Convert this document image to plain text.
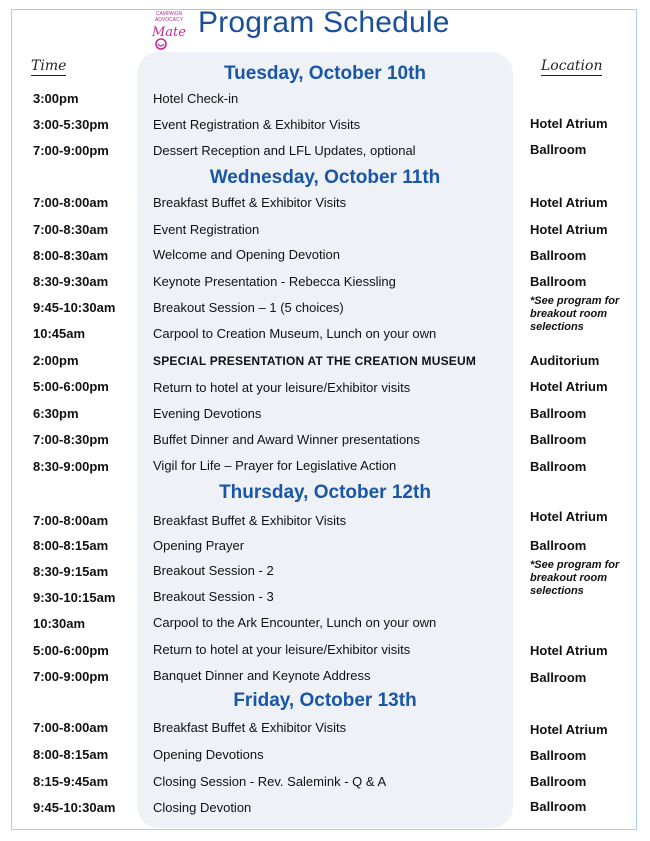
CAMPAIGN
ADVOCACY
Mate Program Schedule
Time	Location
Tuesday, October 10th
Wednesday, October 11th
Thursday, October 12th
Friday, October 13th
3:00pm	Hotel Check-in
3:00-5:30pm	Event Registration & Exhibitor Visits	Hotel Atrium
7:00-9:00pm	Dessert Reception and LFL Updates, optional	Ballroom
7:00-8:00am	Breakfast Buffet & Exhibitor Visits	Hotel Atrium
7:00-8:30am	Event Registration	Hotel Atrium
8:00-8:30am	Welcome and Opening Devotion	Ballroom
8:30-9:30am	Keynote Presentation - Rebecca Kiessling	Ballroom
9:45-10:30am	Breakout Session – 1 (5 choices)	*See program for breakout room selections
10:45am	Carpool to Creation Museum, Lunch on your own
2:00pm	SPECIAL PRESENTATION AT THE CREATION MUSEUM	Auditorium
5:00-6:00pm	Return to hotel at your leisure/Exhibitor visits	Hotel Atrium
6:30pm	Evening Devotions	Ballroom
7:00-8:30pm	Buffet Dinner and Award Winner presentations	Ballroom
8:30-9:00pm	Vigil for Life – Prayer for Legislative Action	Ballroom
7:00-8:00am	Breakfast Buffet & Exhibitor Visits	Hotel Atrium
8:00-8:15am	Opening Prayer	Ballroom
8:30-9:15am	Breakout Session - 2	*See program for breakout room selections
9:30-10:15am	Breakout Session - 3
10:30am	Carpool to the Ark Encounter, Lunch on your own
5:00-6:00pm	Return to hotel at your leisure/Exhibitor visits	Hotel Atrium
7:00-9:00pm	Banquet Dinner and Keynote Address	Ballroom
7:00-8:00am	Breakfast Buffet & Exhibitor Visits	Hotel Atrium
8:00-8:15am	Opening Devotions	Ballroom
8:15-9:45am	Closing Session - Rev. Salemink - Q & A	Ballroom
9:45-10:30am	Closing Devotion	Ballroom
